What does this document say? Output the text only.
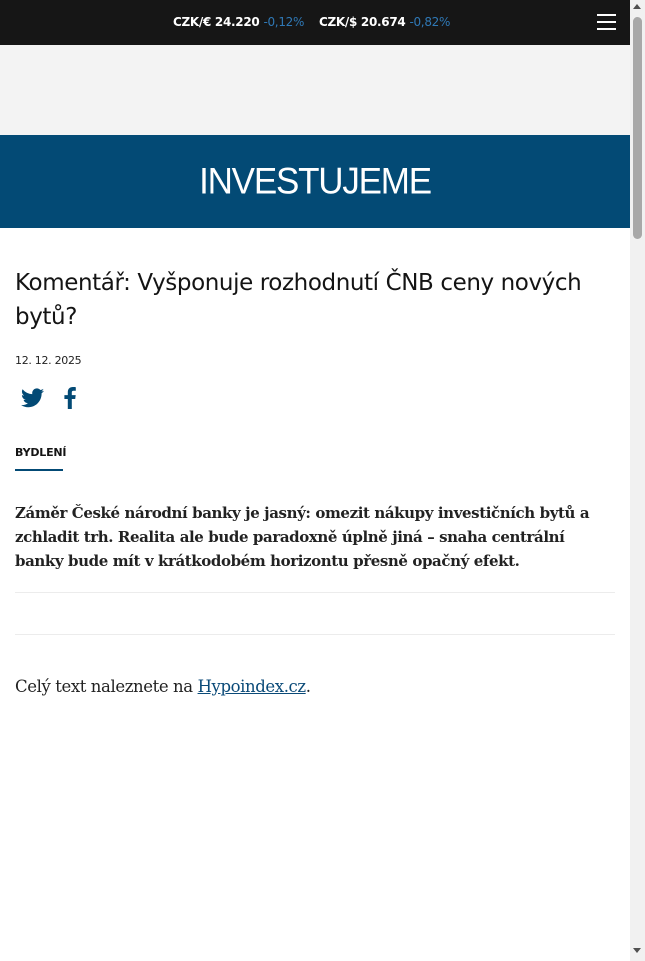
CZK/€ 24.220 -0,12% CZK/$ 20.674 -0,82%
INVESTUJEME
Komentář: Vyšponuje rozhodnutí ČNB ceny nových bytů?
12. 12. 2025
BYDLENÍ

Záměr České národní banky je jasný: omezit nákupy investičních bytů a zchladit trh. Realita ale bude paradoxně úplně jiná – snaha centrální banky bude mít v krátkodobém horizontu přesně opačný efekt.

Celý text naleznete na Hypoindex.cz.
